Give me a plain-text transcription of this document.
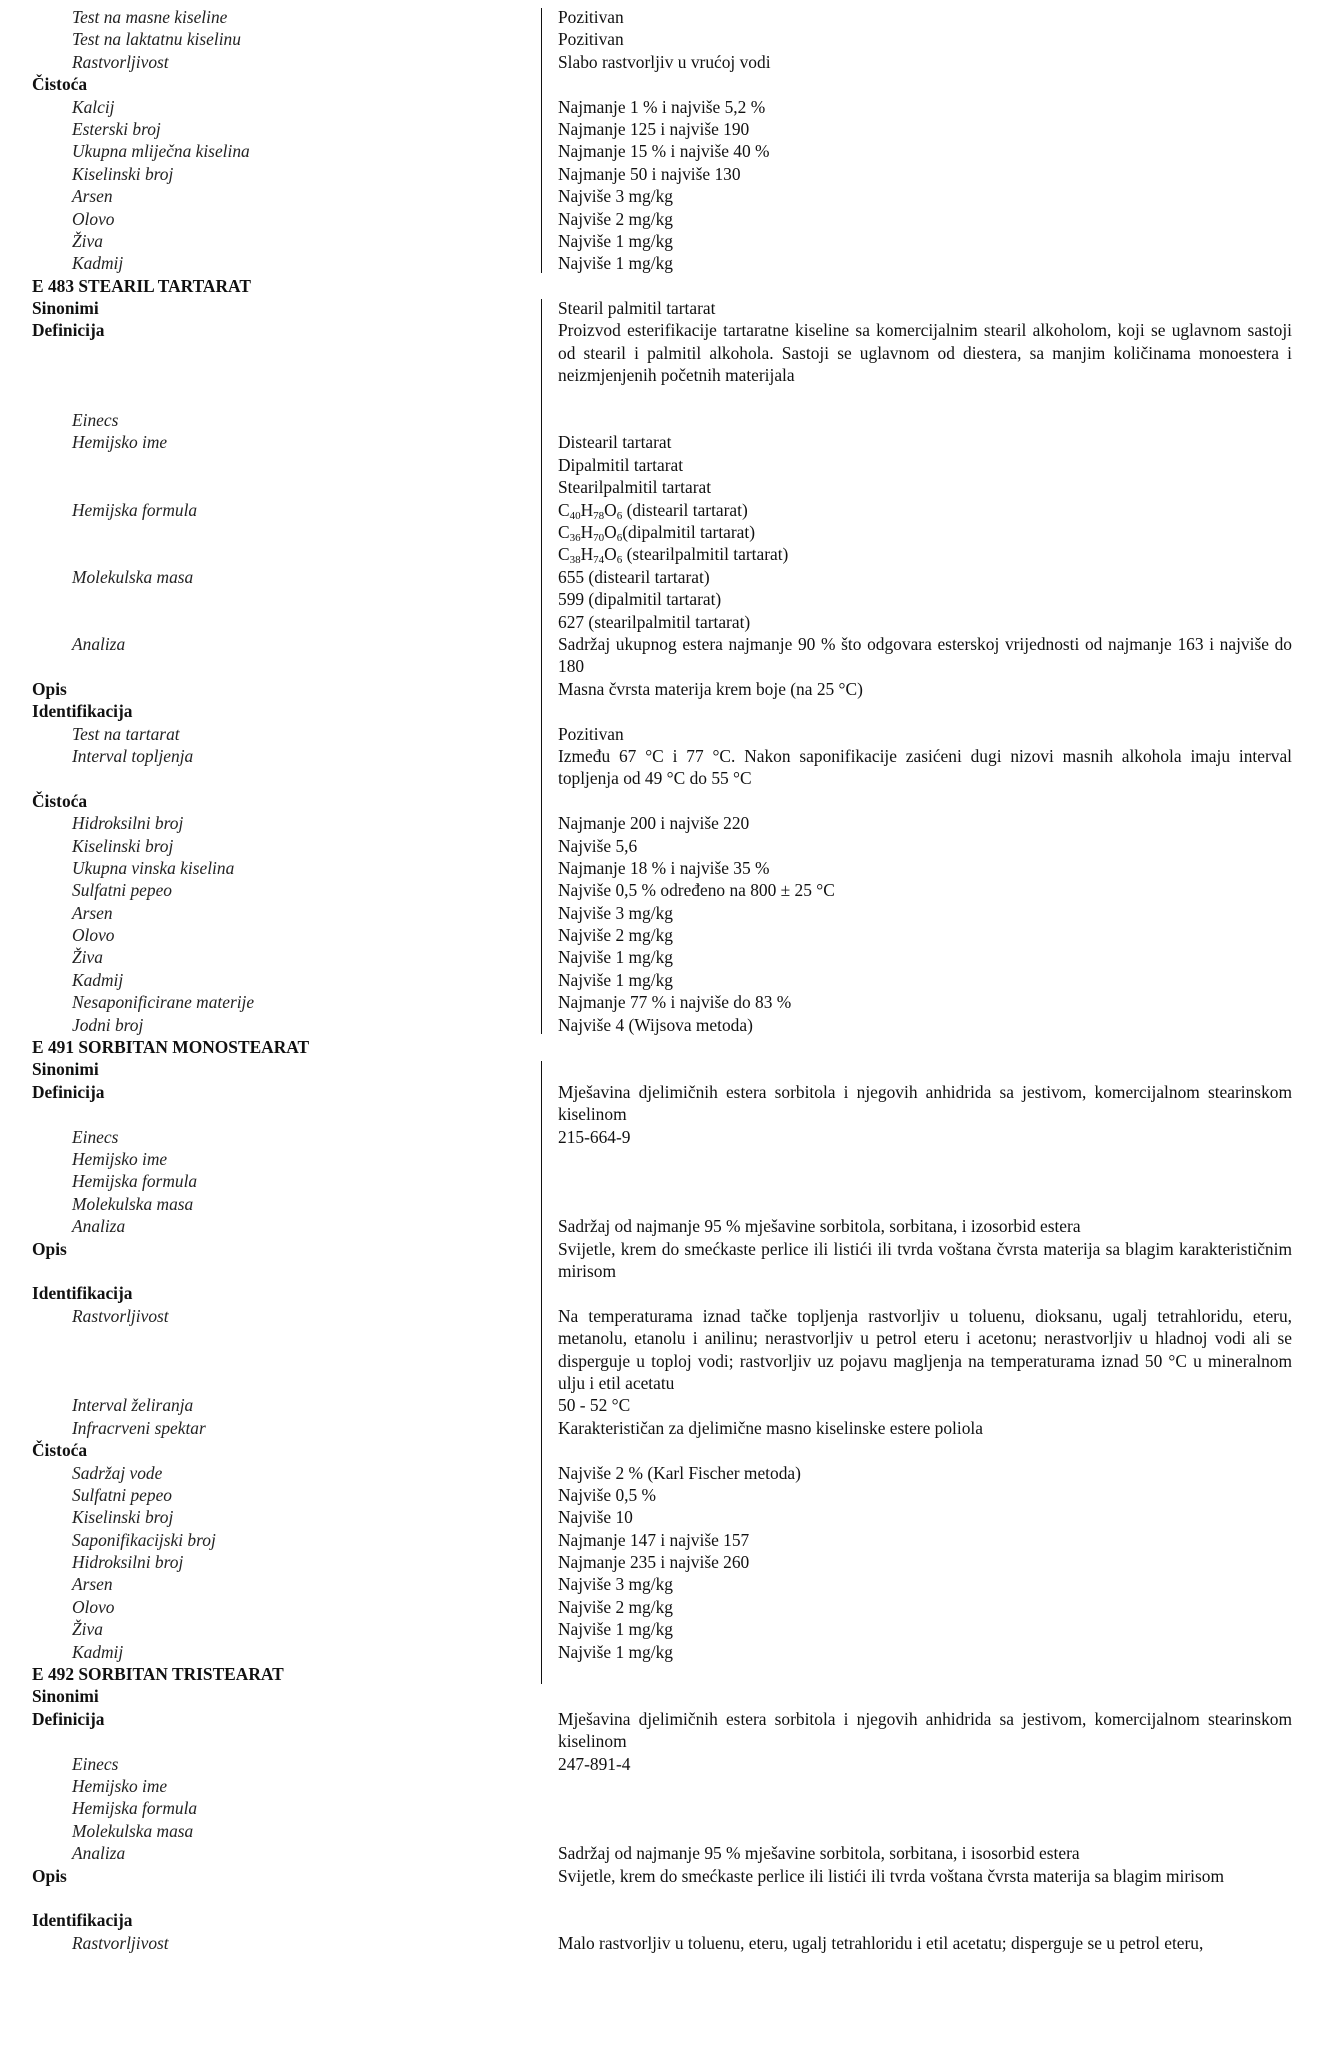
Test na masne kiseline	Pozitivan
Test na laktatnu kiselinu	Pozitivan
Rastvorljivost	Slabo rastvorljiv u vrućoj vodi
Čistoća
Kalcij	Najmanje 1 % i najviše 5,2 %
Esterski broj	Najmanje 125 i najviše 190
Ukupna mliječna kiselina	Najmanje 15 % i najviše 40 %
Kiselinski broj	Najmanje 50 i najviše 130
Arsen	Najviše 3 mg/kg
Olovo	Najviše 2 mg/kg
Živa	Najviše 1 mg/kg
Kadmij	Najviše 1 mg/kg
E 483 STEARIL TARTARAT
Sinonimi	Stearil palmitil tartarat
Definicija	Proizvod esterifikacije tartaratne kiseline sa komercijalnim stearil alkoholom, koji se uglavnom sastoji od stearil i palmitil alkohola. Sastoji se uglavnom od diestera, sa manjim količinama monoestera i neizmjenjenih početnih materijala
Einecs
Hemijsko ime	Distearil tartarat
Dipalmitil tartarat
Stearilpalmitil tartarat
Hemijska formula	$C_{40}H_{78}O_6$ (distearil tartarat)
$C_{36}H_{70}O_6(dipalmitil$ tartarat)
$C_{38}H_{74}O_6$ (stearilpalmitil tartarat)
Molekulska masa	655 (distearil tartarat)
599 (dipalmitil tartarat)
627 (stearilpalmitil tartarat)
Analiza	Sadržaj ukupnog estera najmanje 90 % što odgovara esterskoj vrijednosti od najmanje 163 i najviše do 180
Opis	Masna čvrsta materija krem boje (na 25 °C)
Identifikacija
Test na tartarat	Pozitivan
Interval topljenja	Između 67 °C i 77 °C. Nakon saponifikacije zasićeni dugi nizovi masnih alkohola imaju interval topljenja od 49 °C do 55 °C
Čistoća
Hidroksilni broj	Najmanje 200 i najviše 220
Kiselinski broj	Najviše 5,6
Ukupna vinska kiselina	Najmanje 18 % i najviše 35 %
Sulfatni pepeo	Najviše 0,5 % određeno na 800 ± 25 °C
Arsen	Najviše 3 mg/kg
Olovo	Najviše 2 mg/kg
Živa	Najviše 1 mg/kg
Kadmij	Najviše 1 mg/kg
Nesaponificirane materije	Najmanje 77 % i najviše do 83 %
Jodni broj	Najviše 4 (Wijsova metoda)
E 491 SORBITAN MONOSTEARAT
Sinonimi
Definicija	Mješavina djelimičnih estera sorbitola i njegovih anhidrida sa jestivom, komercijalnom stearinskom kiselinom
Einecs	215-664-9
Hemijsko ime
Hemijska formula
Molekulska masa
Analiza	Sadržaj od najmanje 95 % mješavine sorbitola, sorbitana, i izosorbid estera
Opis	Svijetle, krem do smećkaste perlice ili listići ili tvrda voštana čvrsta materija sa blagim karakterističnim mirisom
Identifikacija
Rastvorljivost	Na temperaturama iznad tačke topljenja rastvorljiv u toluenu, dioksanu, ugalj tetrahloridu, eteru, metanolu, etanolu i anilinu; nerastvorljiv u petrol eteru i acetonu; nerastvorljiv u hladnoj vodi ali se disperguje u toploj vodi; rastvorljiv uz pojavu magljenja na temperaturama iznad 50 °C u mineralnom ulju i etil acetatu
Interval želiranja	50 - 52 °C
Infracrveni spektar	Karakterističan za djelimične masno kiselinske estere poliola
Čistoća
Sadržaj vode	Najviše 2 % (Karl Fischer metoda)
Sulfatni pepeo	Najviše 0,5 %
Kiselinski broj	Najviše 10
Saponifikacijski broj	Najmanje 147 i najviše 157
Hidroksilni broj	Najmanje 235 i najviše 260
Arsen	Najviše 3 mg/kg
Olovo	Najviše 2 mg/kg
Živa	Najviše 1 mg/kg
Kadmij	Najviše 1 mg/kg
E 492 SORBITAN TRISTEARAT
Sinonimi
Definicija	Mješavina djelimičnih estera sorbitola i njegovih anhidrida sa jestivom, komercijalnom stearinskom kiselinom
Einecs	247-891-4
Hemijsko ime
Hemijska formula
Molekulska masa
Analiza	Sadržaj od najmanje 95 % mješavine sorbitola, sorbitana, i isosorbid estera
Opis	Svijetle, krem do smećkaste perlice ili listići ili tvrda voštana čvrsta materija sa blagim mirisom
Identifikacija
Rastvorljivost	Malo rastvorljiv u toluenu, eteru, ugalj tetrahloridu i etil acetatu; disperguje se u petrol eteru,
